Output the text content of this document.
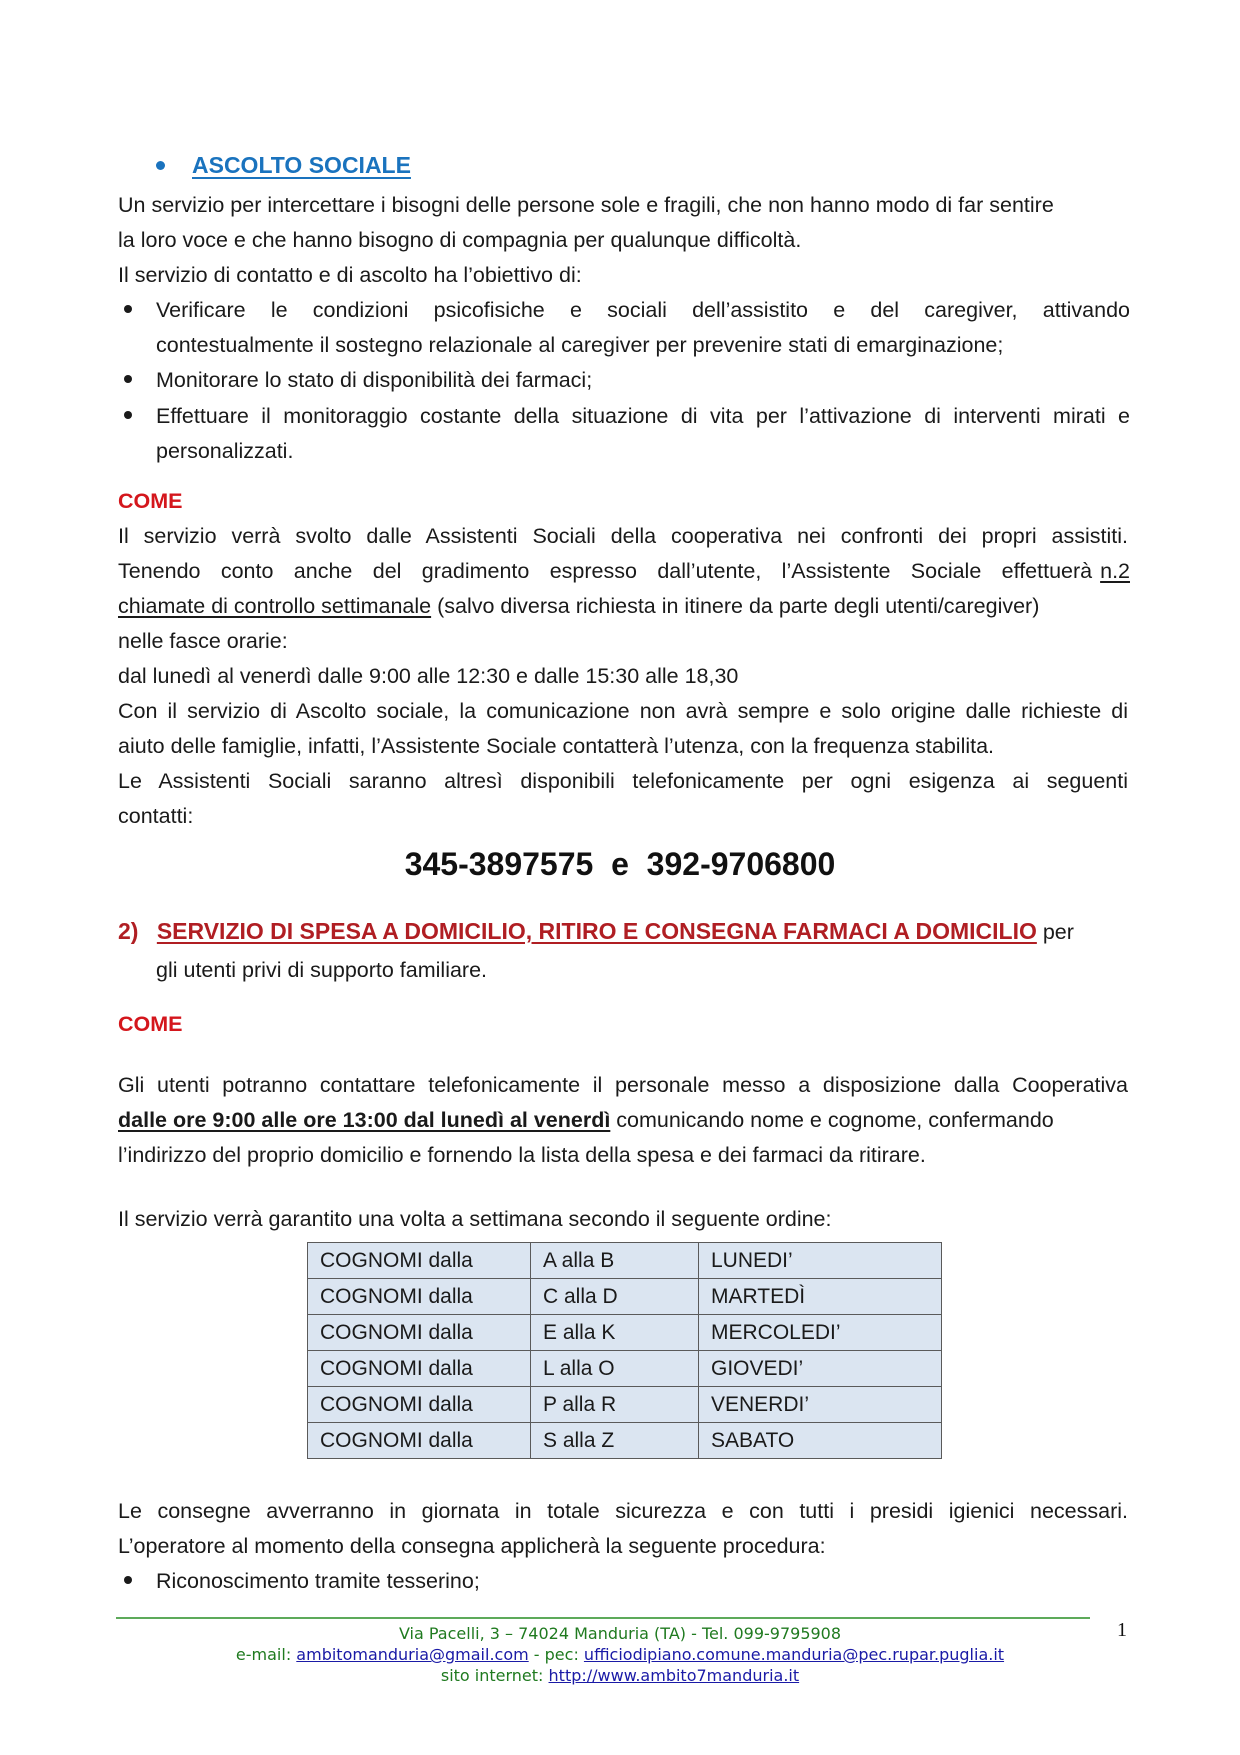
ASCOLTO SOCIALE
Un servizio per intercettare i bisogni delle persone sole e fragili, che non hanno modo di far sentire
la loro voce e che hanno bisogno di compagnia per qualunque difficoltà.
Il servizio di contatto e di ascolto ha l’obiettivo di:
Verificare le condizioni psicofisiche e sociali dell’assistito e del caregiver, attivando
contestualmente il sostegno relazionale al caregiver per prevenire stati di emarginazione;
Monitorare lo stato di disponibilità dei farmaci;
Effettuare il monitoraggio costante della situazione di vita per l’attivazione di interventi mirati e
personalizzati.
COME
Il servizio verrà svolto dalle Assistenti Sociali della cooperativa nei confronti dei propri assistiti.
Tenendo conto anche del gradimento espresso dall’utente, l’Assistente Sociale effettuerà n.2
chiamate di controllo settimanale (salvo diversa richiesta in itinere da parte degli utenti/caregiver)
nelle fasce orarie:
dal lunedì al venerdì dalle 9:00 alle 12:30 e dalle 15:30 alle 18,30
Con il servizio di Ascolto sociale, la comunicazione non avrà sempre e solo origine dalle richieste di
aiuto delle famiglie, infatti, l’Assistente Sociale contatterà l’utenza, con la frequenza stabilita.
Le Assistenti Sociali saranno altresì disponibili telefonicamente per ogni esigenza ai seguenti
contatti:
345-3897575  e  392-9706800
2) SERVIZIO DI SPESA A DOMICILIO, RITIRO E CONSEGNA FARMACI A DOMICILIO per
gli utenti privi di supporto familiare.
COME
Gli utenti potranno contattare telefonicamente il personale messo a disposizione dalla Cooperativa
dalle ore 9:00 alle ore 13:00 dal lunedì al venerdì comunicando nome e cognome, confermando
l’indirizzo del proprio domicilio e fornendo la lista della spesa e dei farmaci da ritirare.
Il servizio verrà garantito una volta a settimana secondo il seguente ordine:
COGNOMI dalla	A alla B	LUNEDI’
COGNOMI dalla	C alla D	MARTEDÌ
COGNOMI dalla	E alla K	MERCOLEDI’
COGNOMI dalla	L alla O	GIOVEDI’
COGNOMI dalla	P alla R	VENERDI’
COGNOMI dalla	S alla Z	SABATO
Le consegne avverranno in giornata in totale sicurezza e con tutti i presidi igienici necessari.
L’operatore al momento della consegna applicherà la seguente procedura:
Riconoscimento tramite tesserino;
Via Pacelli, 3 – 74024 Manduria (TA) - Tel. 099-9795908
e-mail: ambitomanduria@gmail.com - pec: ufficiodipiano.comune.manduria@pec.rupar.puglia.it
sito internet: http://www.ambito7manduria.it
1
